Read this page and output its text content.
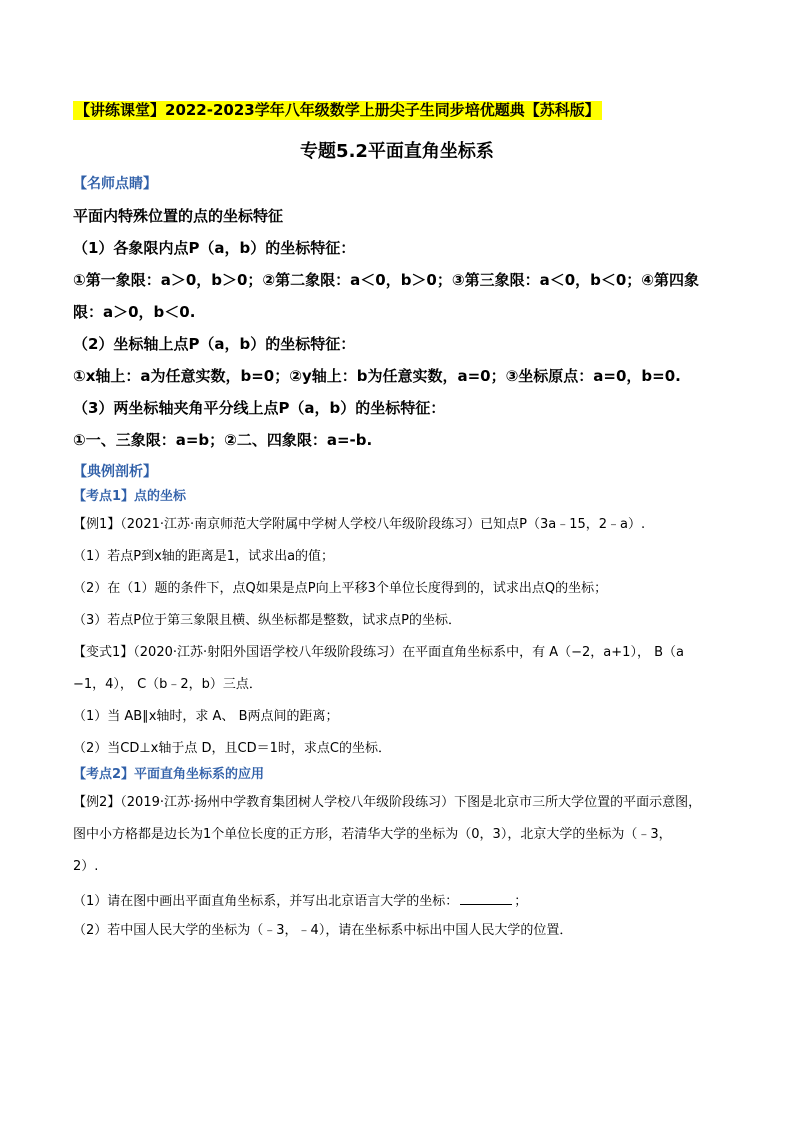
【讲练课堂】2022-2023学年八年级数学上册尖子生同步培优题典【苏科版】
专题5.2平面直角坐标系
【名师点睛】
平面内特殊位置的点的坐标特征
（1）各象限内点P（a，b）的坐标特征：
①第一象限：a＞0，b＞0；②第二象限：a＜0，b＞0；③第三象限：a＜0，b＜0；④第四象
限：a＞0，b＜0.
（2）坐标轴上点P（a，b）的坐标特征：
①x轴上：a为任意实数，b=0；②y轴上：b为任意实数，a=0；③坐标原点：a=0，b=0.
（3）两坐标轴夹角平分线上点P（a，b）的坐标特征：
①一、三象限：a=b；②二、四象限：a=-b.
【典例剖析】
【考点1】点的坐标
【例1】（2021·江苏·南京师范大学附属中学树人学校八年级阶段练习）已知点P（3a﹣15，2﹣a）.
（1）若点P到x轴的距离是1，试求出a的值；
（2）在（1）题的条件下，点Q如果是点P向上平移3个单位长度得到的，试求出点Q的坐标；
（3）若点P位于第三象限且横、纵坐标都是整数，试求点P的坐标．
【变式1】（2020·江苏·射阳外国语学校八年级阶段练习）在平面直角坐标系中，有 A（−2，a+1）， B（a
−1，4）， C（b﹣2，b）三点．
（1）当 AB∥x轴时，求 A、 B两点间的距离；
（2）当CD⊥x轴于点 D，且CD＝1时，求点C的坐标．
【考点2】平面直角坐标系的应用
【例2】（2019·江苏·扬州中学教育集团树人学校八年级阶段练习）下图是北京市三所大学位置的平面示意图，
图中小方格都是边长为1个单位长度的正方形，若清华大学的坐标为（0，3），北京大学的坐标为（﹣3，
2）.
（1）请在图中画出平面直角坐标系，并写出北京语言大学的坐标：	；
（2）若中国人民大学的坐标为（﹣3，﹣4），请在坐标系中标出中国人民大学的位置．
